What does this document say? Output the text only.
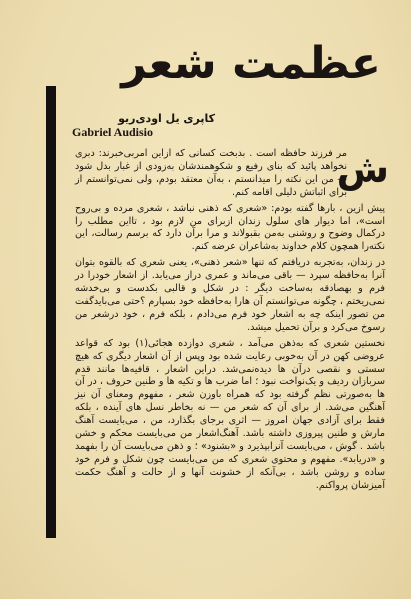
عظمت شعر

کاپری یل اودی‌ریو

Gabriel Audisio

ش

مر فرزند حافظه است . بدبخت کسانی که ازاین امربی‌خبرند: دبری نخواهد پائید که بنای رفیع و شکوهمندشان به‌زودی از غبار بدل شود — من این نکته را میدانستم ، به‌آن معتقد بودم، ولی نمی‌توانستم از برای اثباتش دلیلی اقامه کنم.

پیش ازین ، بارها گفته بودم: «شعری که ذهنی نباشد ، شعری مرده و بی‌روح است»، اما دیوار های سلول زندان ازبرای من لازم بود ، تااین مطلب را درکمال وضوح و روشنی به‌من بقبولاند و مرا برآن دارد که برسم رسالت، این نکته‌را همچون کلام خداوند به‌شاعران عرضه کنم.

در زندان، به‌تجربه دریافتم که تنها «شعر ذهنی»، یعنی شعری که بالقوه بتوان آنرا به‌حافظه سپرد — باقی می‌ماند و عمری دراز می‌یابد. از اشعار خودرا در فرم و بهصادقه به‌ساخت دیگر : در شکل و قالبی بکدست و بی‌خدشه نمی‌ریختم ، چگونه می‌توانستم آن هارا به‌حافظه خود بسپارم ؟حتی می‌بایدگفت من تصور اینکه چه به اشعار خود فرم می‌دادم ، بلکه فرم ، خود درشعر من رسوخ می‌کرد و برآن تحمیل میشد.

نخستین شعری که به‌ذهن می‌آمد ، شعری دوازده هجائی(۱) بود که قواعد عروضی کهن در آن به‌خوبی رعایت شده بود وپس از آن اشعار دیگری که هیچ سستی و نقصی درآن ها دیده‌نمی‌شد. دراین اشعار ، قافیه‌ها مانند قدم سربازان ردیف و یک‌نواخت نبود ؛ اما ضرب ها و تکیه ها و طنین حروف ، در آن ها به‌صورتی نظم گرفته بود که همراه باوزن شعر ، مفهوم ومعنای آن نیز آهنگین می‌شد. از برای آن که شعر من — نه بخاطر نسل های آینده ، بلکه فقط برای آزادی جهان امروز — اثری برجای بگذارد، من ، می‌بایست آهنگ مارش و طنین پیروزی داشته باشد. آهنگ‌اشعار من می‌بایست محکم و خشن باشد . گوش ، می‌بایست آنرابپذیرد و «بشنود» ؛ و ذهن می‌بایست آن را بفهمد و «دریابد». مفهوم و محتوی شعری که من می‌بایست چون شکل و فرم خود ساده و روشن باشد ، بی‌آنکه از خشونت آنها و از حالت و آهنگ حکمت آمیزشان پرواکنم.
